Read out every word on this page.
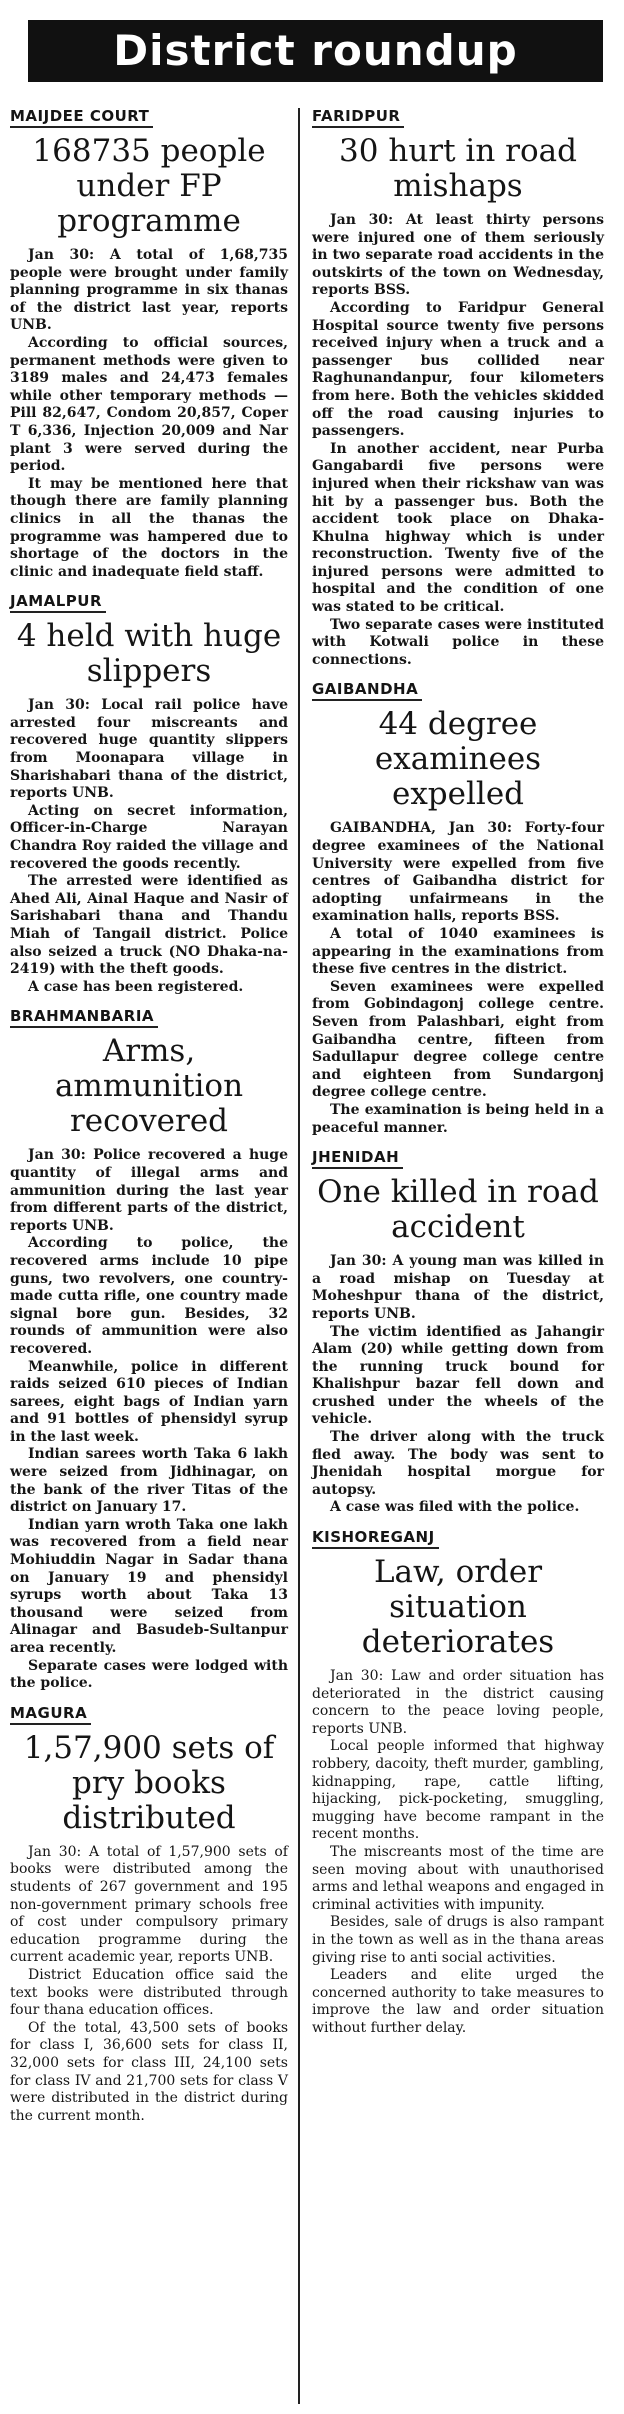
District roundup
MAIJDEE COURT
168735 people under FP programme

Jan 30: A total of 1,68,735 people were brought under family planning programme in six thanas of the district last year, reports UNB.

According to official sources, permanent methods were given to 3189 males and 24,473 females while other temporary methods — Pill 82,647, Condom 20,857, Coper T 6,336, Injection 20,009 and Nar plant 3 were served during the period.

It may be mentioned here that though there are family planning clinics in all the thanas the programme was hampered due to shortage of the doctors in the clinic and inadequate field staff.

JAMALPUR
4 held with huge slippers

Jan 30: Local rail police have arrested four miscreants and recovered huge quantity slippers from Moonapara village in Sharishabari thana of the district, reports UNB.

Acting on secret information, Officer-in-Charge Narayan Chandra Roy raided the village and recovered the goods recently.

The arrested were identified as Ahed Ali, Ainal Haque and Nasir of Sarishabari thana and Thandu Miah of Tangail district. Police also seized a truck (NO Dhaka-na-2419) with the theft goods.

A case has been registered.

BRAHMANBARIA
Arms, ammunition recovered

Jan 30: Police recovered a huge quantity of illegal arms and ammunition during the last year from different parts of the district, reports UNB.

According to police, the recovered arms include 10 pipe guns, two revolvers, one country-made cutta rifle, one country made signal bore gun. Besides, 32 rounds of ammunition were also recovered.

Meanwhile, police in different raids seized 610 pieces of Indian sarees, eight bags of Indian yarn and 91 bottles of phensidyl syrup in the last week.

Indian sarees worth Taka 6 lakh were seized from Jidhinagar, on the bank of the river Titas of the district on January 17.

Indian yarn wroth Taka one lakh was recovered from a field near Mohiuddin Nagar in Sadar thana on January 19 and phensidyl syrups worth about Taka 13 thousand were seized from Alinagar and Basudeb-Sultanpur area recently.

Separate cases were lodged with the police.

MAGURA
1,57,900 sets of pry books distributed

Jan 30: A total of 1,57,900 sets of books were distributed among the students of 267 government and 195 non-government primary schools free of cost under compulsory primary education programme during the current academic year, reports UNB.

District Education office said the text books were distributed through four thana education offices.

Of the total, 43,500 sets of books for class I, 36,600 sets for class II, 32,000 sets for class III, 24,100 sets for class IV and 21,700 sets for class V were distributed in the district during the current month.

FARIDPUR
30 hurt in road mishaps

Jan 30: At least thirty persons were injured one of them seriously in two separate road accidents in the outskirts of the town on Wednesday, reports BSS.

According to Faridpur General Hospital source twenty five persons received injury when a truck and a passenger bus collided near Raghunandanpur, four kilometers from here. Both the vehicles skidded off the road causing injuries to passengers.

In another accident, near Purba Gangabardi five persons were injured when their rickshaw van was hit by a passenger bus. Both the accident took place on Dhaka-Khulna highway which is under reconstruction. Twenty five of the injured persons were admitted to hospital and the condition of one was stated to be critical.

Two separate cases were instituted with Kotwali police in these connections.

GAIBANDHA
44 degree examinees expelled

GAIBANDHA, Jan 30: Forty-four degree examinees of the National University were expelled from five centres of Gaibandha district for adopting unfairmeans in the examination halls, reports BSS.

A total of 1040 examinees is appearing in the examinations from these five centres in the district.

Seven examinees were expelled from Gobindagonj college centre. Seven from Palashbari, eight from Gaibandha centre, fifteen from Sadullapur degree college centre and eighteen from Sundargonj degree college centre.

The examination is being held in a peaceful manner.

JHENIDAH
One killed in road accident

Jan 30: A young man was killed in a road mishap on Tuesday at Moheshpur thana of the district, reports UNB.

The victim identified as Jahangir Alam (20) while getting down from the running truck bound for Khalishpur bazar fell down and crushed under the wheels of the vehicle.

The driver along with the truck fled away. The body was sent to Jhenidah hospital morgue for autopsy.

A case was filed with the police.

KISHOREGANJ
Law, order situation deteriorates

Jan 30: Law and order situation has deteriorated in the district causing concern to the peace loving people, reports UNB.

Local people informed that highway robbery, dacoity, theft murder, gambling, kidnapping, rape, cattle lifting, hijacking, pick-pocketing, smuggling, mugging have become rampant in the recent months.

The miscreants most of the time are seen moving about with unauthorised arms and lethal weapons and engaged in criminal activities with impunity.

Besides, sale of drugs is also rampant in the town as well as in the thana areas giving rise to anti social activities.

Leaders and elite urged the concerned authority to take measures to improve the law and order situation without further delay.
